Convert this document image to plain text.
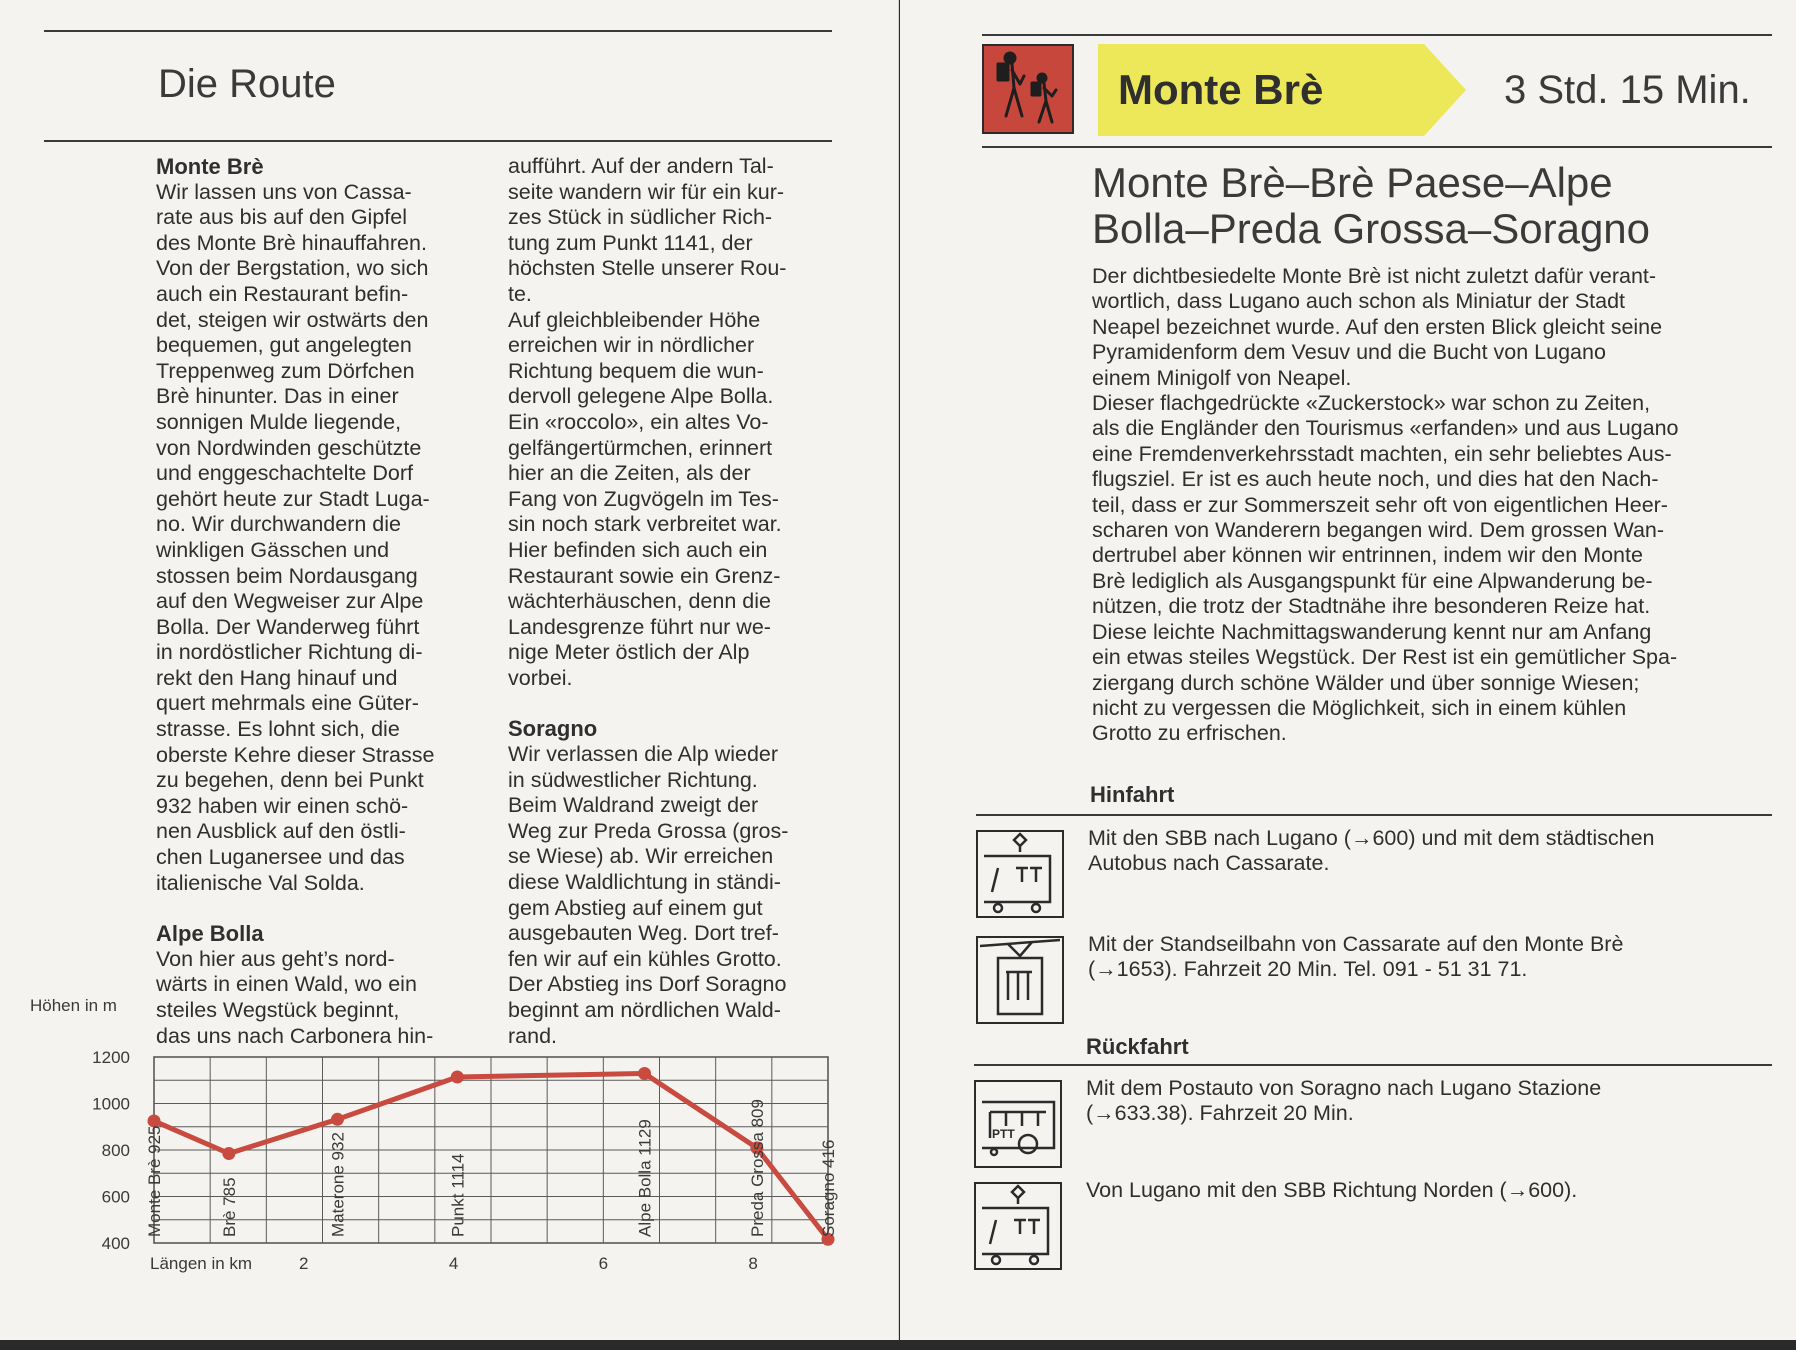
Die Route
Monte Brè

Wir lassen uns von Cassa-
rate aus bis auf den Gipfel
des Monte Brè hinauffahren.
Von der Bergstation, wo sich
auch ein Restaurant befin-
det, steigen wir ostwärts den
bequemen, gut angelegten
Treppenweg zum Dörfchen
Brè hinunter. Das in einer
sonnigen Mulde liegende,
von Nordwinden geschützte
und enggeschachtelte Dorf
gehört heute zur Stadt Luga-
no. Wir durchwandern die
winkligen Gässchen und
stossen beim Nordausgang
auf den Wegweiser zur Alpe
Bolla. Der Wanderweg führt
in nordöstlicher Richtung di-
rekt den Hang hinauf und
quert mehrmals eine Güter-
strasse. Es lohnt sich, die
oberste Kehre dieser Strasse
zu begehen, denn bei Punkt
932 haben wir einen schö-
nen Ausblick auf den östli-
chen Luganersee und das
italienische Val Solda.

Alpe Bolla

Von hier aus geht’s nord-
wärts in einen Wald, wo ein
steiles Wegstück beginnt,
das uns nach Carbonera hin-

aufführt. Auf der andern Tal-
seite wandern wir für ein kur-
zes Stück in südlicher Rich-
tung zum Punkt 1141, der
höchsten Stelle unserer Rou-
te.
Auf gleichbleibender Höhe
erreichen wir in nördlicher
Richtung bequem die wun-
dervoll gelegene Alpe Bolla.
Ein «roccolo», ein altes Vo-
gelfängertürmchen, erinnert
hier an die Zeiten, als der
Fang von Zugvögeln im Tes-
sin noch stark verbreitet war.
Hier befinden sich auch ein
Restaurant sowie ein Grenz-
wächterhäuschen, denn die
Landesgrenze führt nur we-
nige Meter östlich der Alp
vorbei.

Soragno

Wir verlassen die Alp wieder
in südwestlicher Richtung.
Beim Waldrand zweigt der
Weg zur Preda Grossa (gros-
se Wiese) ab. Wir erreichen
diese Waldlichtung in ständi-
gem Abstieg auf einem gut
ausgebauten Weg. Dort tref-
fen wir auf ein kühles Grotto.
Der Abstieg ins Dorf Soragno
beginnt am nördlichen Wald-
rand.

Höhen in m
1200
1000
800
600
400
2	4	6	8
Längen in km
Monte Brè 925	Brè 785	Materone 932	Punkt 1114	Alpe Bolla 1129	Preda Grossa 809	Soragno 416
Monte Brè	3 Std. 15 Min.
Monte Brè–Brè Paese–Alpe
Bolla–Preda Grossa–Soragno

Der dichtbesiedelte Monte Brè ist nicht zuletzt dafür verant-
wortlich, dass Lugano auch schon als Miniatur der Stadt
Neapel bezeichnet wurde. Auf den ersten Blick gleicht seine
Pyramidenform dem Vesuv und die Bucht von Lugano
einem Minigolf von Neapel.
Dieser flachgedrückte «Zuckerstock» war schon zu Zeiten,
als die Engländer den Tourismus «erfanden» und aus Lugano
eine Fremdenverkehrsstadt machten, ein sehr beliebtes Aus-
flugsziel. Er ist es auch heute noch, und dies hat den Nach-
teil, dass er zur Sommerszeit sehr oft von eigentlichen Heer-
scharen von Wanderern begangen wird. Dem grossen Wan-
dertrubel aber können wir entrinnen, indem wir den Monte
Brè lediglich als Ausgangspunkt für eine Alpwanderung be-
nützen, die trotz der Stadtnähe ihre besonderen Reize hat.
Diese leichte Nachmittagswanderung kennt nur am Anfang
ein etwas steiles Wegstück. Der Rest ist ein gemütlicher Spa-
ziergang durch schöne Wälder und über sonnige Wiesen;
nicht zu vergessen die Möglichkeit, sich in einem kühlen
Grotto zu erfrischen.

Hinfahrt
Mit den SBB nach Lugano (→600) und mit dem städtischen
Autobus nach Cassarate.

Mit der Standseilbahn von Cassarate auf den Monte Brè
(→1653). Fahrzeit 20 Min. Tel. 091 - 51 31 71.

Rückfahrt
PTT
Mit dem Postauto von Soragno nach Lugano Stazione
(→633.38). Fahrzeit 20 Min.

Von Lugano mit den SBB Richtung Norden (→600).
